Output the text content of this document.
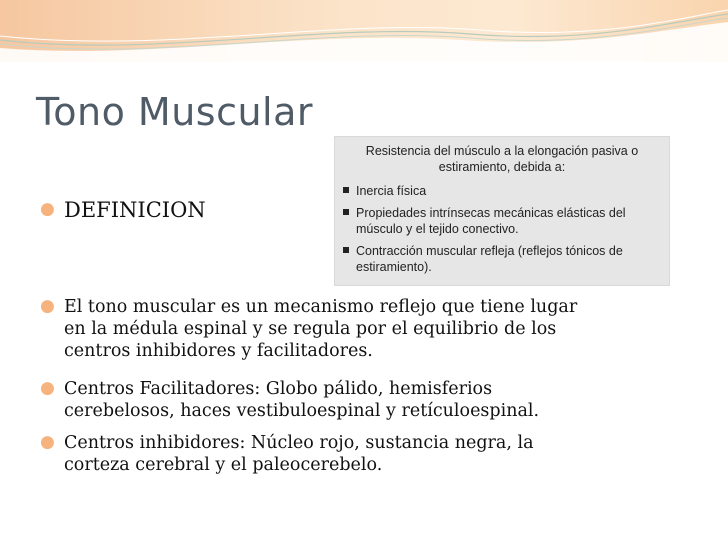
Tono Muscular
● DEFINICION
Resistencia del músculo a la elongación pasiva o
estiramiento, debida a:
Inercia física
Propiedades intrínsecas mecánicas elásticas del
músculo y el tejido conectivo.
Contracción muscular refleja (reflejos tónicos de
estiramiento).
● El tono muscular es un mecanismo reflejo que tiene lugar
en la médula espinal y se regula por el equilibrio de los
centros inhibidores y facilitadores.
● Centros Facilitadores: Globo pálido, hemisferios
cerebelosos, haces vestibuloespinal y retículoespinal.
● Centros inhibidores: Núcleo rojo, sustancia negra, la
corteza cerebral y el paleocerebelo.
